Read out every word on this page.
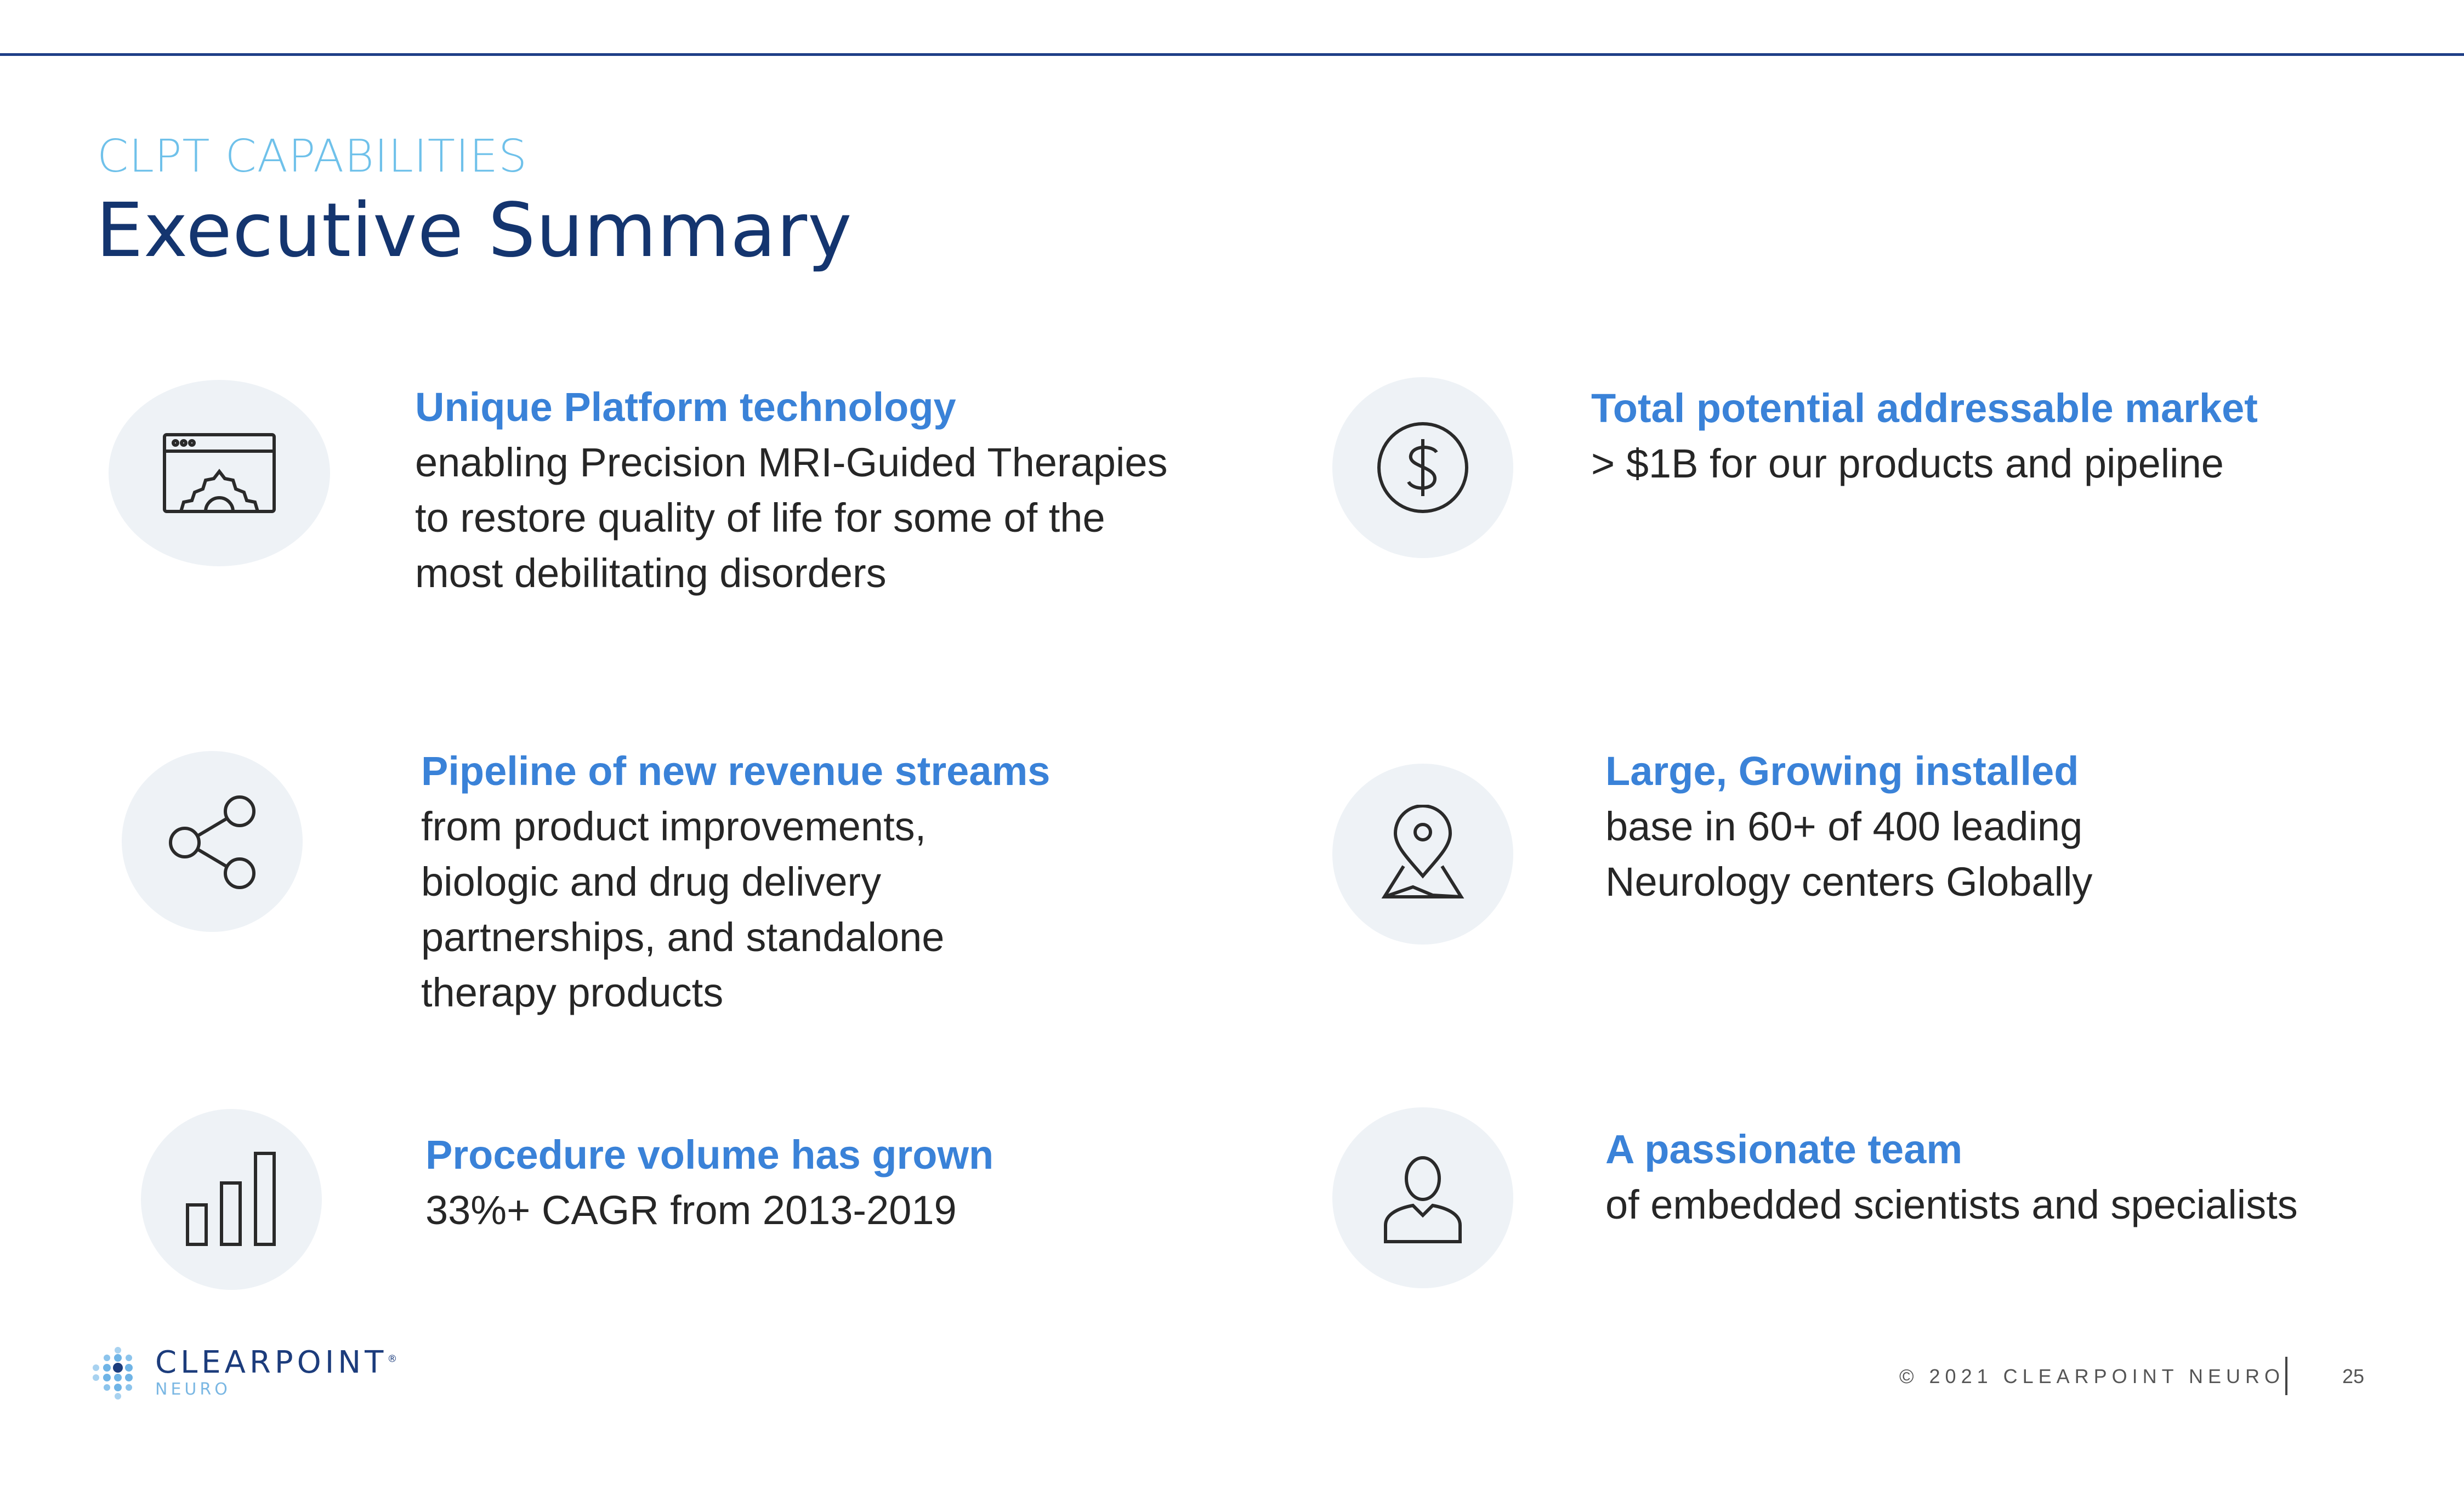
CLPT CAPABILITIES
Executive Summary
Unique Platform technology
enabling Precision MRI-Guided Therapies
to restore quality of life for some of the
most debilitating disorders
Pipeline of new revenue streams
from product improvements,
biologic and drug delivery
partnerships, and standalone
therapy products
Procedure volume has grown
33%+ CAGR from 2013-2019
Total potential addressable market
> $1B for our products and pipeline
Large, Growing installed
base in 60+ of 400 leading
Neurology centers Globally
A passionate team
of embedded scientists and specialists
CLEARPOINT®
NEURO
© 2021 CLEARPOINT NEURO	25
